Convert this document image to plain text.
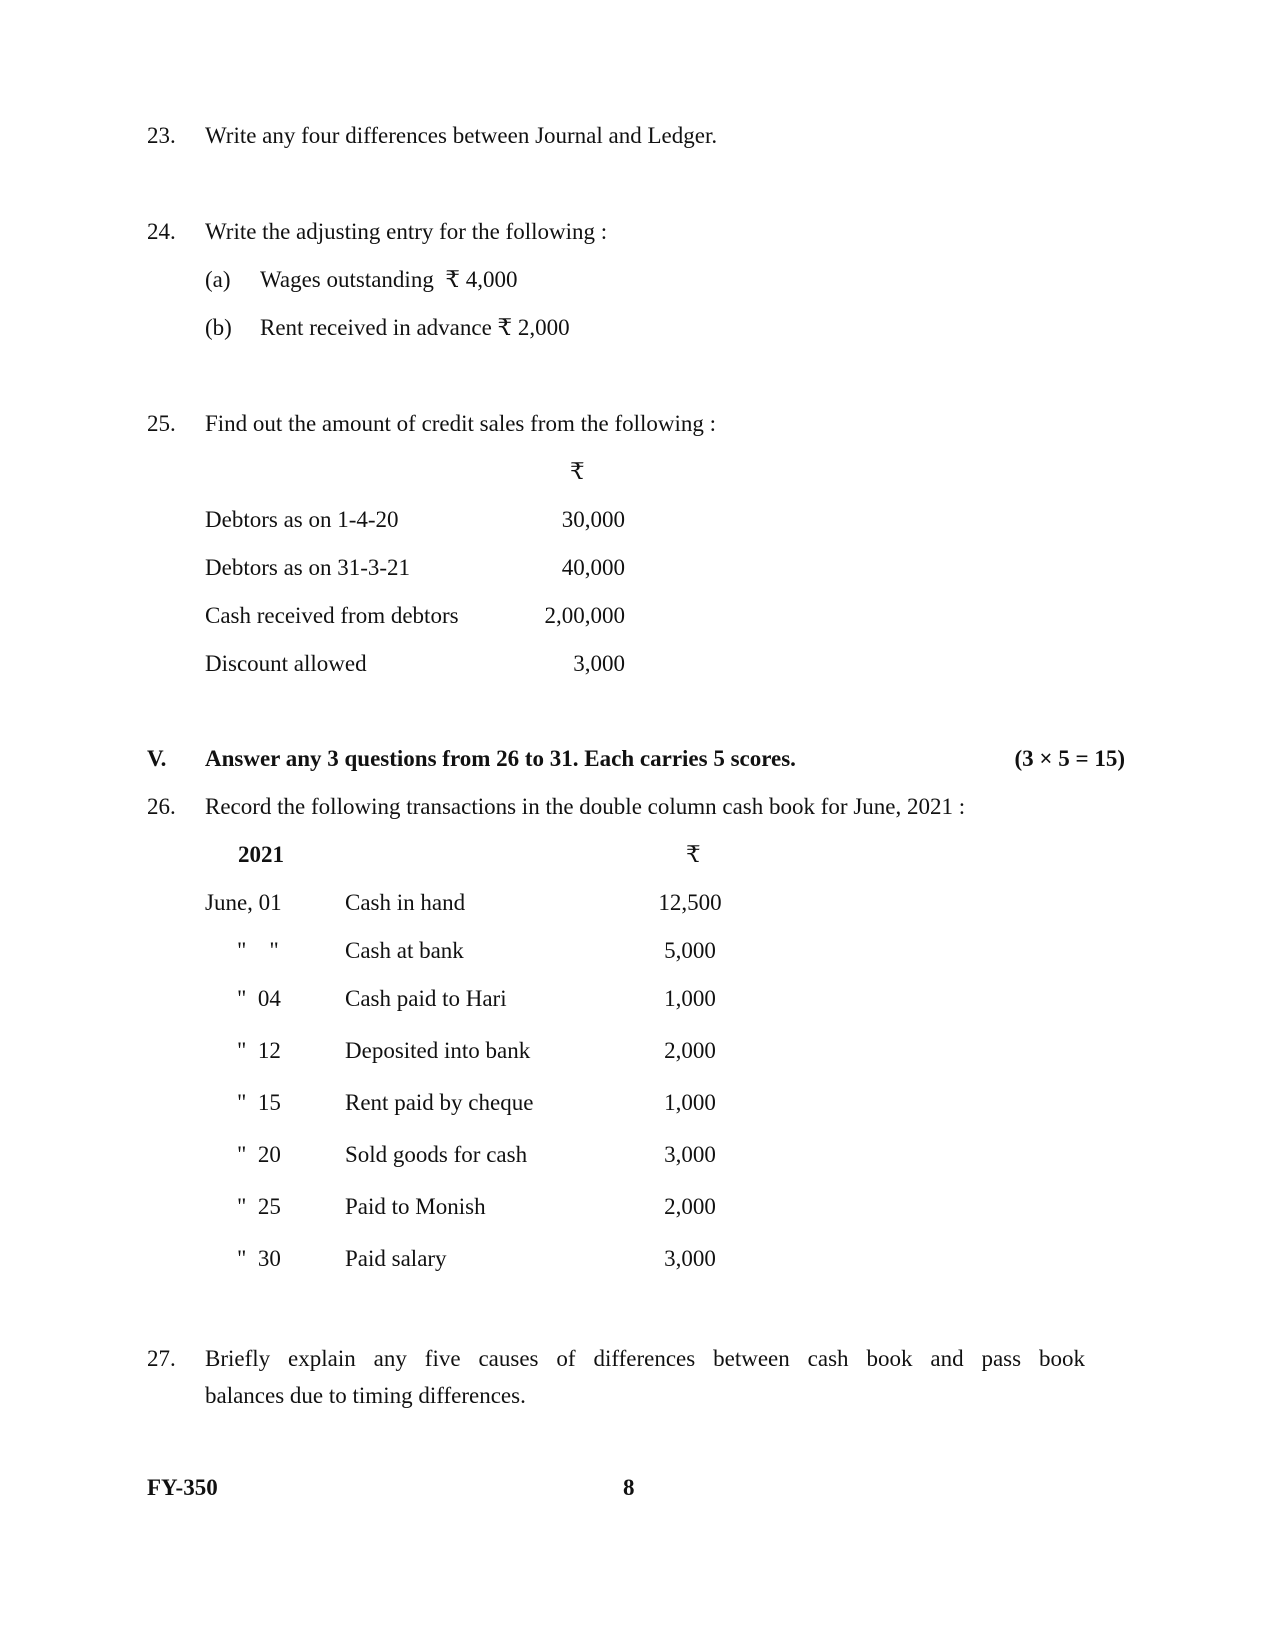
23. Write any four differences between Journal and Ledger.
24. Write the adjusting entry for the following :
(a) Wages outstanding  ₹ 4,000
(b) Rent received in advance ₹ 2,000
25. Find out the amount of credit sales from the following :
₹
Debtors as on 1-4-20	30,000
Debtors as on 31-3-21	40,000
Cash received from debtors	2,00,000
Discount allowed	3,000
V. Answer any 3 questions from 26 to 31. Each carries 5 scores.	(3 × 5 = 15)
26. Record the following transactions in the double column cash book for June, 2021 :
2021	₹
June, 01	Cash in hand	12,500
"    "	Cash at bank	5,000
"  04	Cash paid to Hari	1,000
"  12	Deposited into bank	2,000
"  15	Rent paid by cheque	1,000
"  20	Sold goods for cash	3,000
"  25	Paid to Monish	2,000
"  30	Paid salary	3,000
27. Briefly explain any five causes of differences between cash book and pass book
balances due to timing differences.
FY-350	8
